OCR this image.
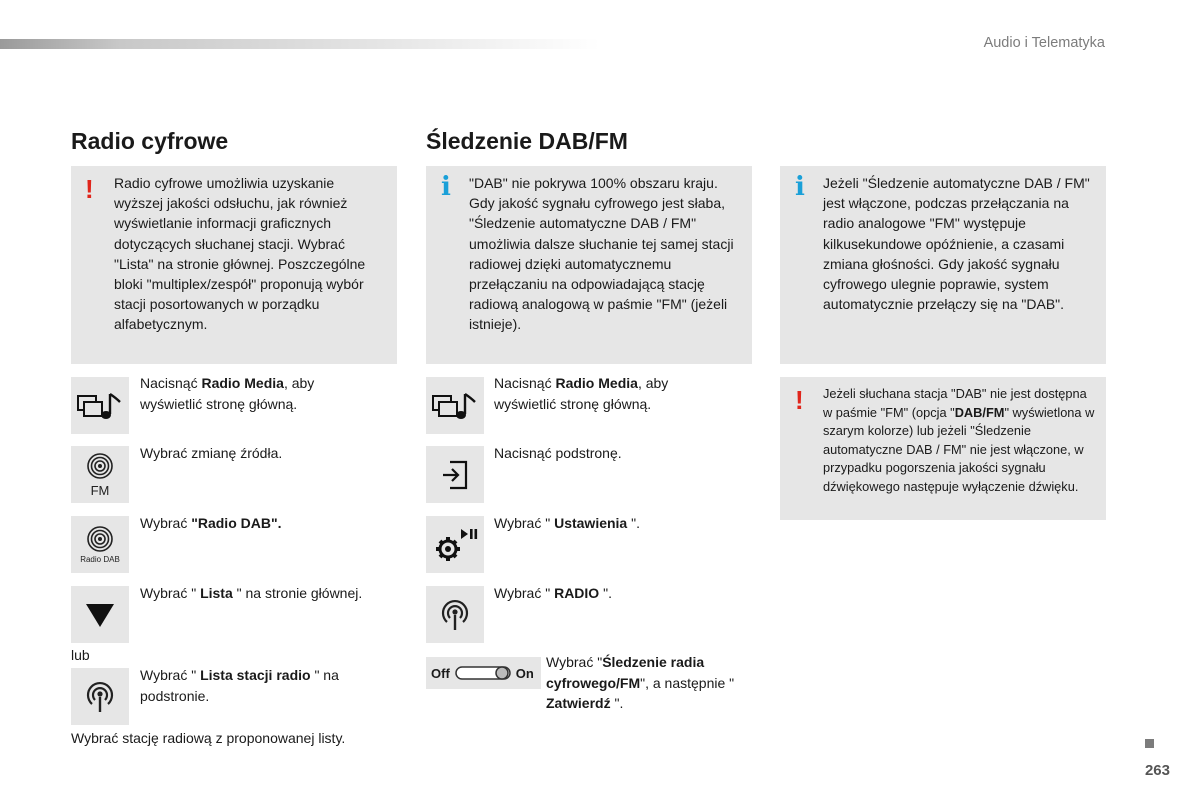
Audio i Telematyka
Radio cyfrowe
! Radio cyfrowe umożliwia uzyskanie wyższej jakości odsłuchu, jak również wyświetlanie informacji graficznych dotyczących słuchanej stacji. Wybrać "Lista" na stronie głównej. Poszczególne bloki "multiplex/zespół" proponują wybór stacji posortowanych w porządku alfabetycznym.
Nacisnąć Radio Media, aby wyświetlić stronę główną.
FM
Wybrać zmianę źródła.
Radio DAB
Wybrać "Radio DAB".
Wybrać " Lista " na stronie głównej.
lub
Wybrać " Lista stacji radio " na podstronie.
Wybrać stację radiową z proponowanej listy.
Śledzenie DAB/FM
i "DAB" nie pokrywa 100% obszaru kraju. Gdy jakość sygnału cyfrowego jest słaba, "Śledzenie automatyczne DAB / FM" umożliwia dalsze słuchanie tej samej stacji radiowej dzięki automatycznemu przełączaniu na odpowiadającą stację radiową analogową w paśmie "FM" (jeżeli istnieje).
Nacisnąć Radio Media, aby wyświetlić stronę główną.
Nacisnąć podstronę.
Wybrać " Ustawienia ".
Wybrać " RADIO ".
Off	On
Wybrać "Śledzenie radia cyfrowego/FM", a następnie " Zatwierdź ".
i Jeżeli "Śledzenie automatyczne DAB / FM" jest włączone, podczas przełączania na radio analogowe "FM" występuje kilkusekundowe opóźnienie, a czasami zmiana głośności. Gdy jakość sygnału cyfrowego ulegnie poprawie, system automatycznie przełączy się na "DAB".
! Jeżeli słuchana stacja "DAB" nie jest dostępna w paśmie "FM" (opcja "DAB/FM" wyświetlona w szarym kolorze) lub jeżeli "Śledzenie automatyczne DAB / FM" nie jest włączone, w przypadku pogorszenia jakości sygnału dźwiękowego następuje wyłączenie dźwięku.
263
